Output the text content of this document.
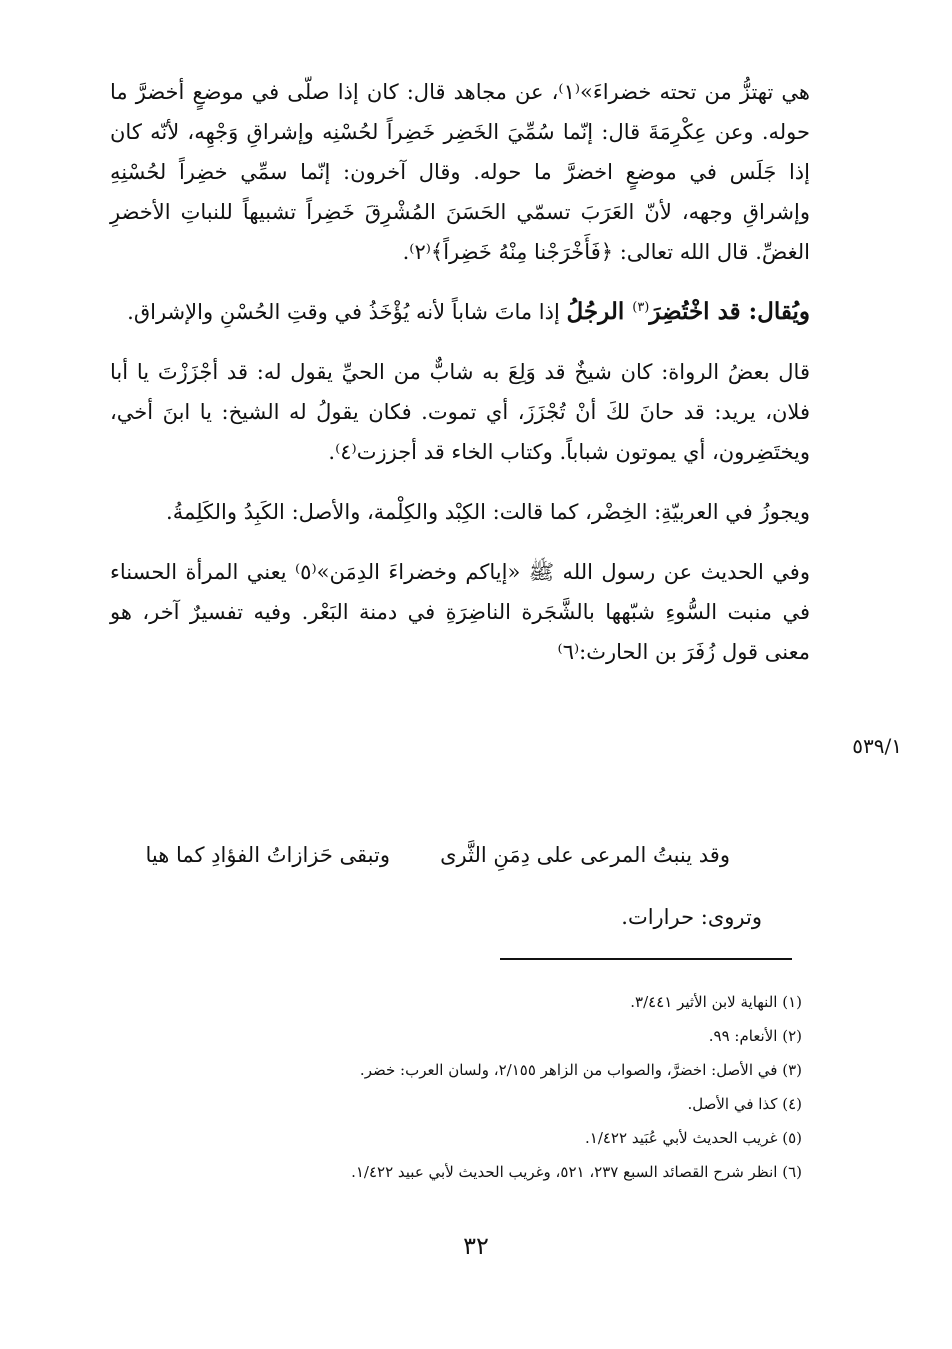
هي تهتزُّ من تحته خضراءَ»⁽١⁾، عن مجاهد قال: كان إذا صلّى في موضعٍ أخضرَّ ما حوله. وعن عِكْرِمَةَ قال: إنّما سُمِّيَ الخَضِر خَضِراً لحُسْنِه وإشراقِ وَجْهِه، لأنّه كان إذا جَلَس في موضعٍ اخضرَّ ما حوله. وقال آخرون: إنّما سمِّي خضِراً لحُسْنِهِ وإشراقِ وجهه، لأنّ العَرَبَ تسمّي الحَسَنَ المُشْرِقَ خَضِراً تشبيهاً للنباتِ الأخضرِ الغضِّ. قال الله تعالى: ﴿فَأَخْرَجْنا مِنْهُ خَضِراً﴾⁽٢⁾.

ويُقال: قد اخْتُضِرَ$^{(٣)}$ الرجُلُ إذا ماتَ شاباً لأنه يُؤْخَذُ في وقتِ الحُسْنِ والإشراق.

قال بعضُ الرواة: كان شيخٌ قد وَلِعَ به شابٌّ من الحيِّ يقول له: قد أجْزَزْتَ يا أبا فلان، يريد: قد حانَ لكَ أنْ تُجْزَزَ، أي تموت. فكان يقولُ له الشيخ: يا ابنَ أخي، ويختَضِرون، أي يموتون شباباً. وكتاب الخاء قد أجززت⁽٤⁾.

ويجوزُ في العربيّةِ: الخِضْر، كما قالت: الكِبْد والكِلْمة، والأصل: الكَبِدُ والكَلِمةُ.

وفي الحديث عن رسول الله ﷺ «إياكم وخضراءَ الدِمَن»⁽٥⁾ يعني المرأة الحسناء في منبت السُّوءِ شبّهها بالشَّجَرة الناضِرَةِ في دمنة البَعْر. وفيه تفسيرٌ آخر، هو معنى قول زُفَرَ بن الحارث:⁽٦⁾

٥٣٩/١
وقد ينبتُ المرعى على دِمَنِ الثَّرى
وتبقى حَزازاتُ الفؤادِ كما هيا
وتروى: حرارات.
(١) النهاية لابن الأثير ٣/٤٤١.
(٢) الأنعام: ٩٩.
(٣) في الأصل: اخضرَّ، والصواب من الزاهر ٢/١٥٥، ولسان العرب: خضر.
(٤) كذا في الأصل.
(٥) غريب الحديث لأبي عُبَيد ١/٤٢٢.
(٦) انظر شرح القصائد السبع ٢٣٧، ٥٢١، وغريب الحديث لأبي عبيد ١/٤٢٢.
٣٢
